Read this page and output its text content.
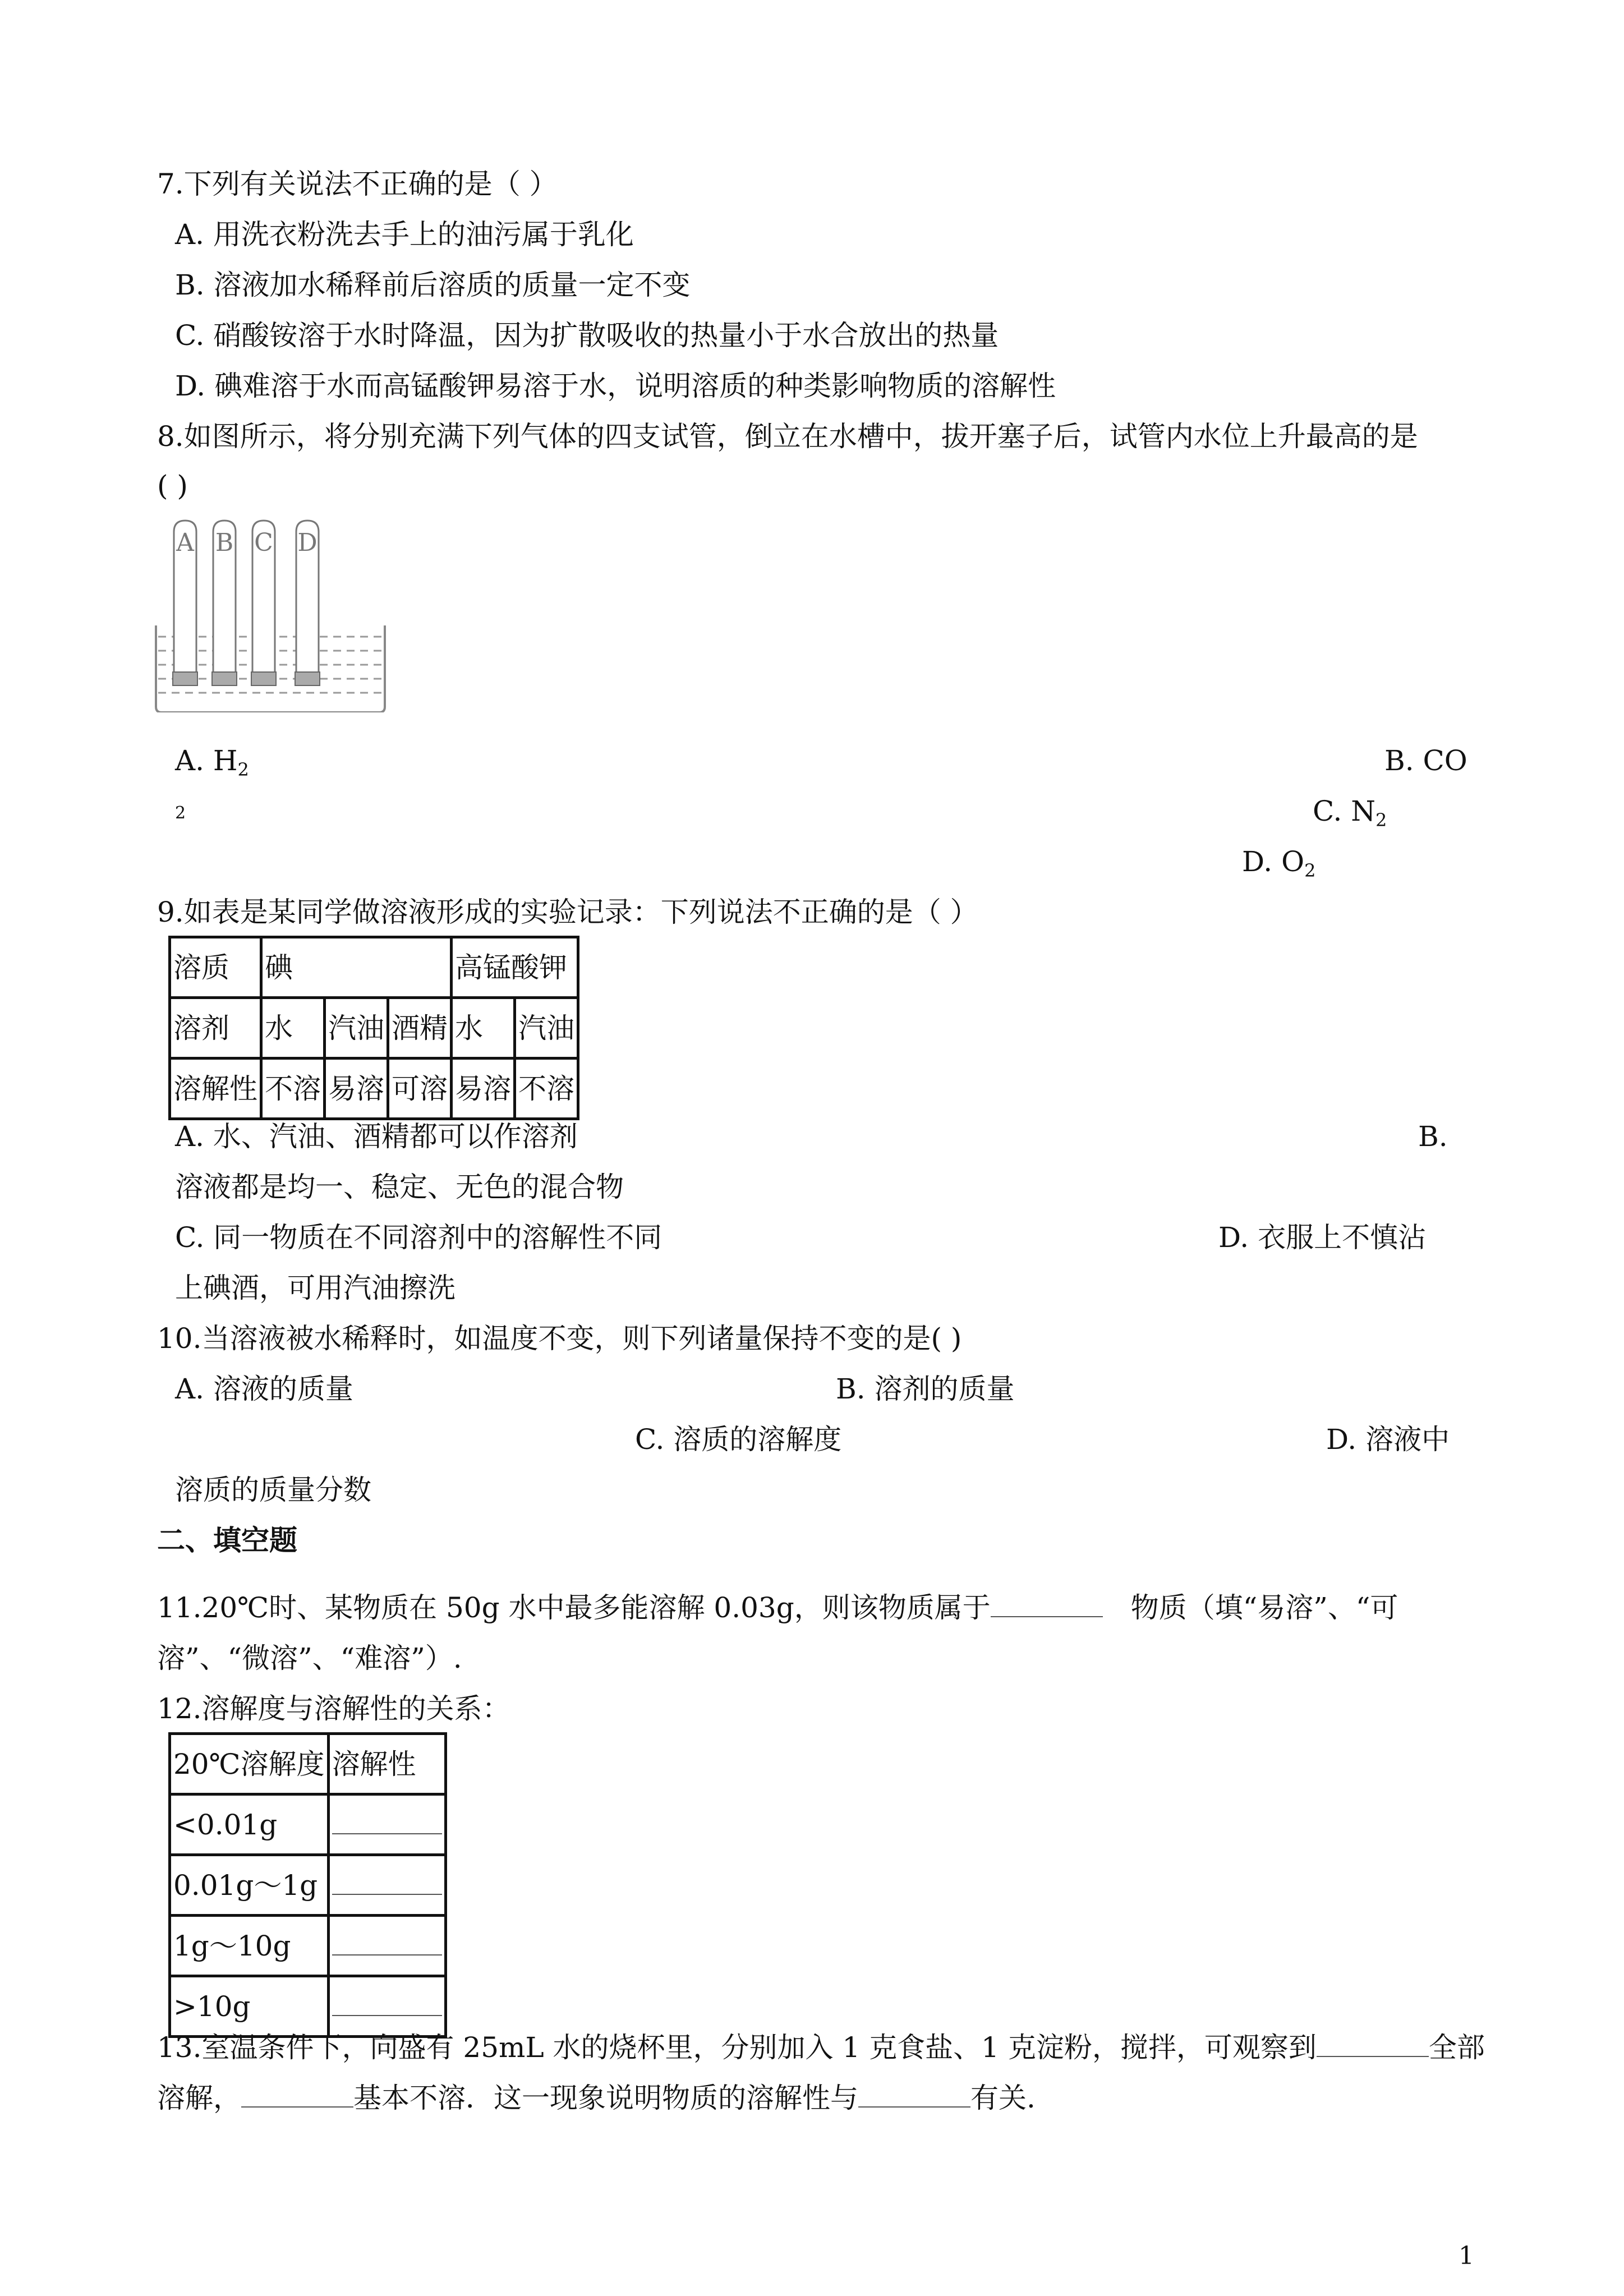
7.下列有关说法不正确的是（ ）
A. 用洗衣粉洗去手上的油污属于乳化
B. 溶液加水稀释前后溶质的质量一定不变
C. 硝酸铵溶于水时降温，因为扩散吸收的热量小于水合放出的热量
D. 碘难溶于水而高锰酸钾易溶于水，说明溶质的种类影响物质的溶解性
8.如图所示，将分别充满下列气体的四支试管，倒立在水槽中，拔开塞子后，试管内水位上升最高的是
( )
A B C D
A. $H_2$	B. CO
2	C. $N_2$
D. $O_2$
9.如表是某同学做溶液形成的实验记录：下列说法不正确的是（ ）
溶质	碘			高锰酸钾	
溶剂	水	汽油	酒精	水	汽油
溶解性	不溶	易溶	可溶	易溶	不溶
A. 水、汽油、酒精都可以作溶剂	B.
溶液都是均一、稳定、无色的混合物
C. 同一物质在不同溶剂中的溶解性不同	D. 衣服上不慎沾
上碘酒，可用汽油擦洗
10.当溶液被水稀释时，如温度不变，则下列诸量保持不变的是( )
A. 溶液的质量	B. 溶剂的质量
C. 溶质的溶解度	D. 溶液中
溶质的质量分数
二、填空题
11.20℃时、某物质在 50g 水中最多能溶解 0.03g，则该物质属于	物质（填“易溶”、“可
溶”、“微溶”、“难溶”）.
12.溶解度与溶解性的关系：
20℃溶解度	溶解性
<0.01g	
0.01g～1g	
1g～10g	
>10g	
13.室温条件下，向盛有 25mL 水的烧杯里，分别加入 1 克食盐、1 克淀粉，搅拌，可观察到	全部
溶解，	基本不溶．这一现象说明物质的溶解性与	有关.
1
